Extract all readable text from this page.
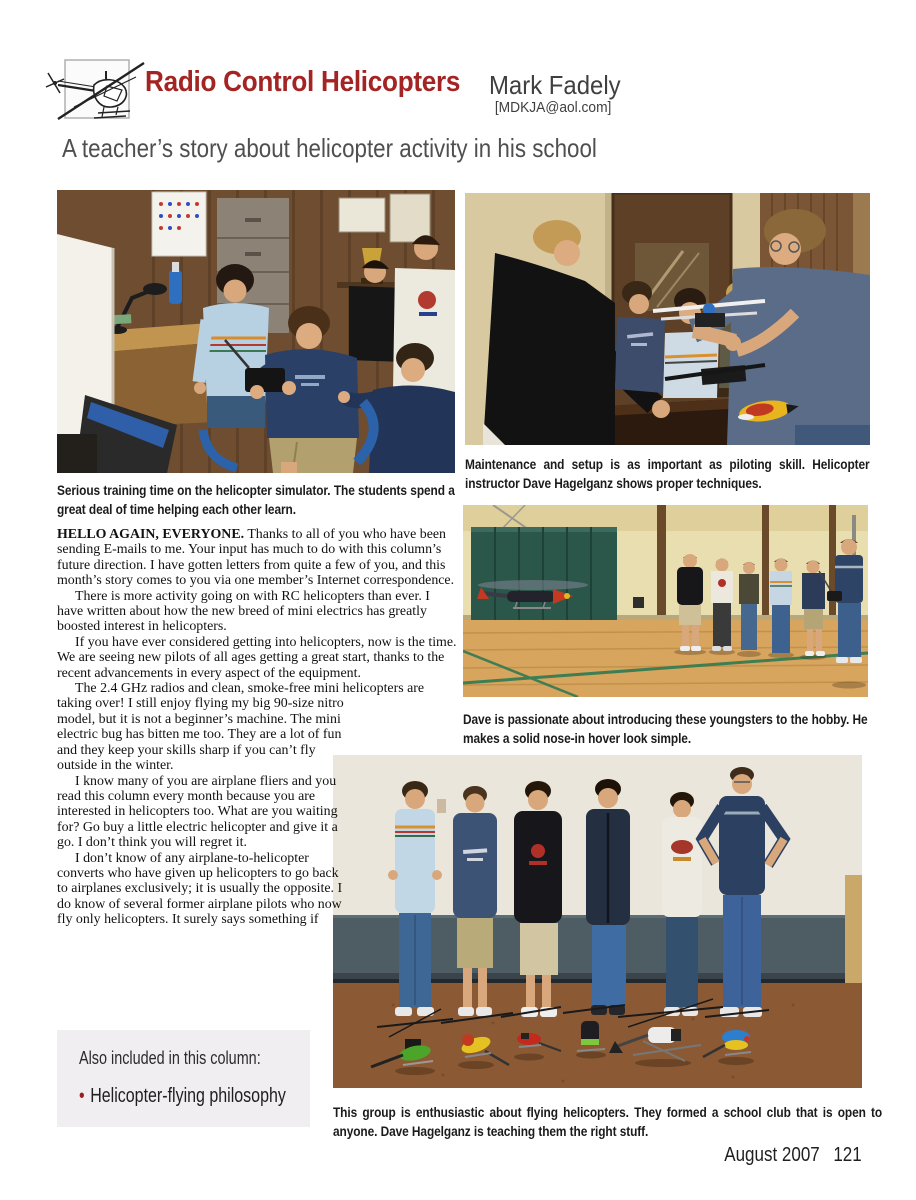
Radio Control Helicopters Mark Fadely
[MDKJA@aol.com]
A teacher’s story about helicopter activity in his school
Serious training time on the helicopter simulator. The students spend a great deal of time helping each other learn.
Maintenance and setup is as important as piloting skill. Helicopter instructor Dave Hagelganz shows proper techniques.
Dave is passionate about introducing these youngsters to the hobby. He makes a solid nose-in hover look simple.
This group is enthusiastic about flying helicopters. They formed a school club that is open to anyone. Dave Hagelganz is teaching them the right stuff.

HELLO AGAIN, EVERYONE. Thanks to all of you who have been sending E-mails to me. Your input has much to do with this column’s future direction. I have gotten letters from quite a few of you, and this month’s story comes to you via one member’s Internet correspondence.

There is more activity going on with RC helicopters than ever. I have written about how the new breed of mini electrics has greatly boosted interest in helicopters.

If you have ever considered getting into helicopters, now is the time. We are seeing new pilots of all ages getting a great start, thanks to the recent advancements in every aspect of the equipment.

The 2.4 GHz radios and clean, smoke-free mini helicopters are

taking over! I still enjoy flying my big 90-size nitro model, but it is not a beginner’s machine. The mini electric bug has bitten me too. They are a lot of fun and they keep your skills sharp if you can’t fly outside in the winter.

I know many of you are airplane fliers and you read this column every month because you are interested in helicopters too. What are you waiting for? Go buy a little electric helicopter and give it a go. I don’t think you will regret it.

I don’t know of any airplane-to-helicopter converts who have given up helicopters to go back to airplanes exclusively; it is usually the opposite. I do know of several former airplane pilots who now fly only helicopters. It surely says something if

Also included in this column:
• Helicopter-flying philosophy
August 2007 121
